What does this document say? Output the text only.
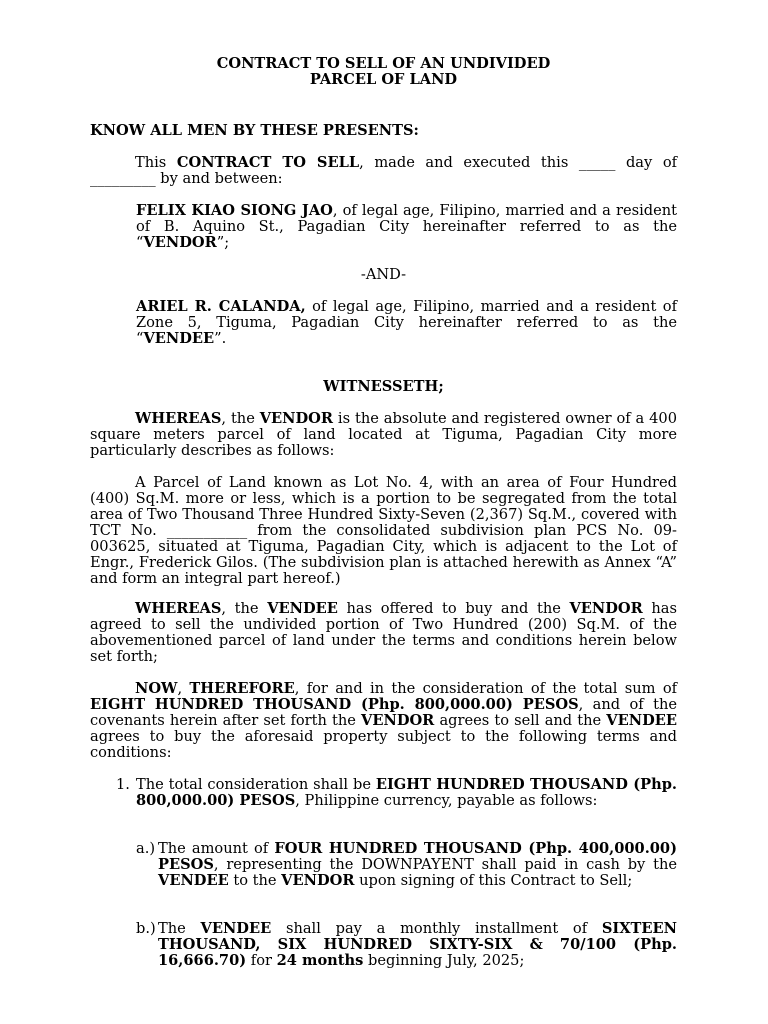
CONTRACT TO SELL OF AN UNDIVIDED
PARCEL OF LAND

KNOW ALL MEN BY THESE PRESENTS:

This CONTRACT TO SELL, made and executed this _____ day of _________ by and between:

FELIX KIAO SIONG JAO, of legal age, Filipino, married and a resident of B. Aquino St., Pagadian City hereinafter referred to as the “VENDOR”;

-AND-

ARIEL R. CALANDA, of legal age, Filipino, married and a resident of Zone 5, Tiguma, Pagadian City hereinafter referred to as the “VENDEE”.

WITNESSETH;

WHEREAS, the VENDOR is the absolute and registered owner of a 400 square meters parcel of land located at Tiguma, Pagadian City more particularly describes as follows:

A Parcel of Land known as Lot No. 4, with an area of Four Hundred (400) Sq.M. more or less, which is a portion to be segregated from the total area of Two Thousand Three Hundred Sixty-Seven (2,367) Sq.M., covered with TCT No. ___________ from the consolidated subdivision plan PCS No. 09-003625, situated at Tiguma, Pagadian City, which is adjacent to the Lot of Engr., Frederick Gilos. (The subdivision plan is attached herewith as Annex “A” and form an integral part hereof.)

WHEREAS, the VENDEE has offered to buy and the VENDOR has agreed to sell the undivided portion of Two Hundred (200) Sq.M. of the abovementioned parcel of land under the terms and conditions herein below set forth;

NOW, THEREFORE, for and in the consideration of the total sum of EIGHT HUNDRED THOUSAND (Php. 800,000.00) PESOS, and of the covenants herein after set forth the VENDOR agrees to sell and the VENDEE agrees to buy the aforesaid property subject to the following terms and conditions:

1. The total consideration shall be EIGHT HUNDRED THOUSAND (Php. 800,000.00) PESOS, Philippine currency, payable as follows:

a.) The amount of FOUR HUNDRED THOUSAND (Php. 400,000.00) PESOS, representing the DOWNPAYENT shall paid in cash by the VENDEE to the VENDOR upon signing of this Contract to Sell;

b.) The VENDEE shall pay a monthly installment of SIXTEEN THOUSAND, SIX HUNDRED SIXTY-SIX & 70/100 (Php. 16,666.70) for 24 months beginning July, 2025;
